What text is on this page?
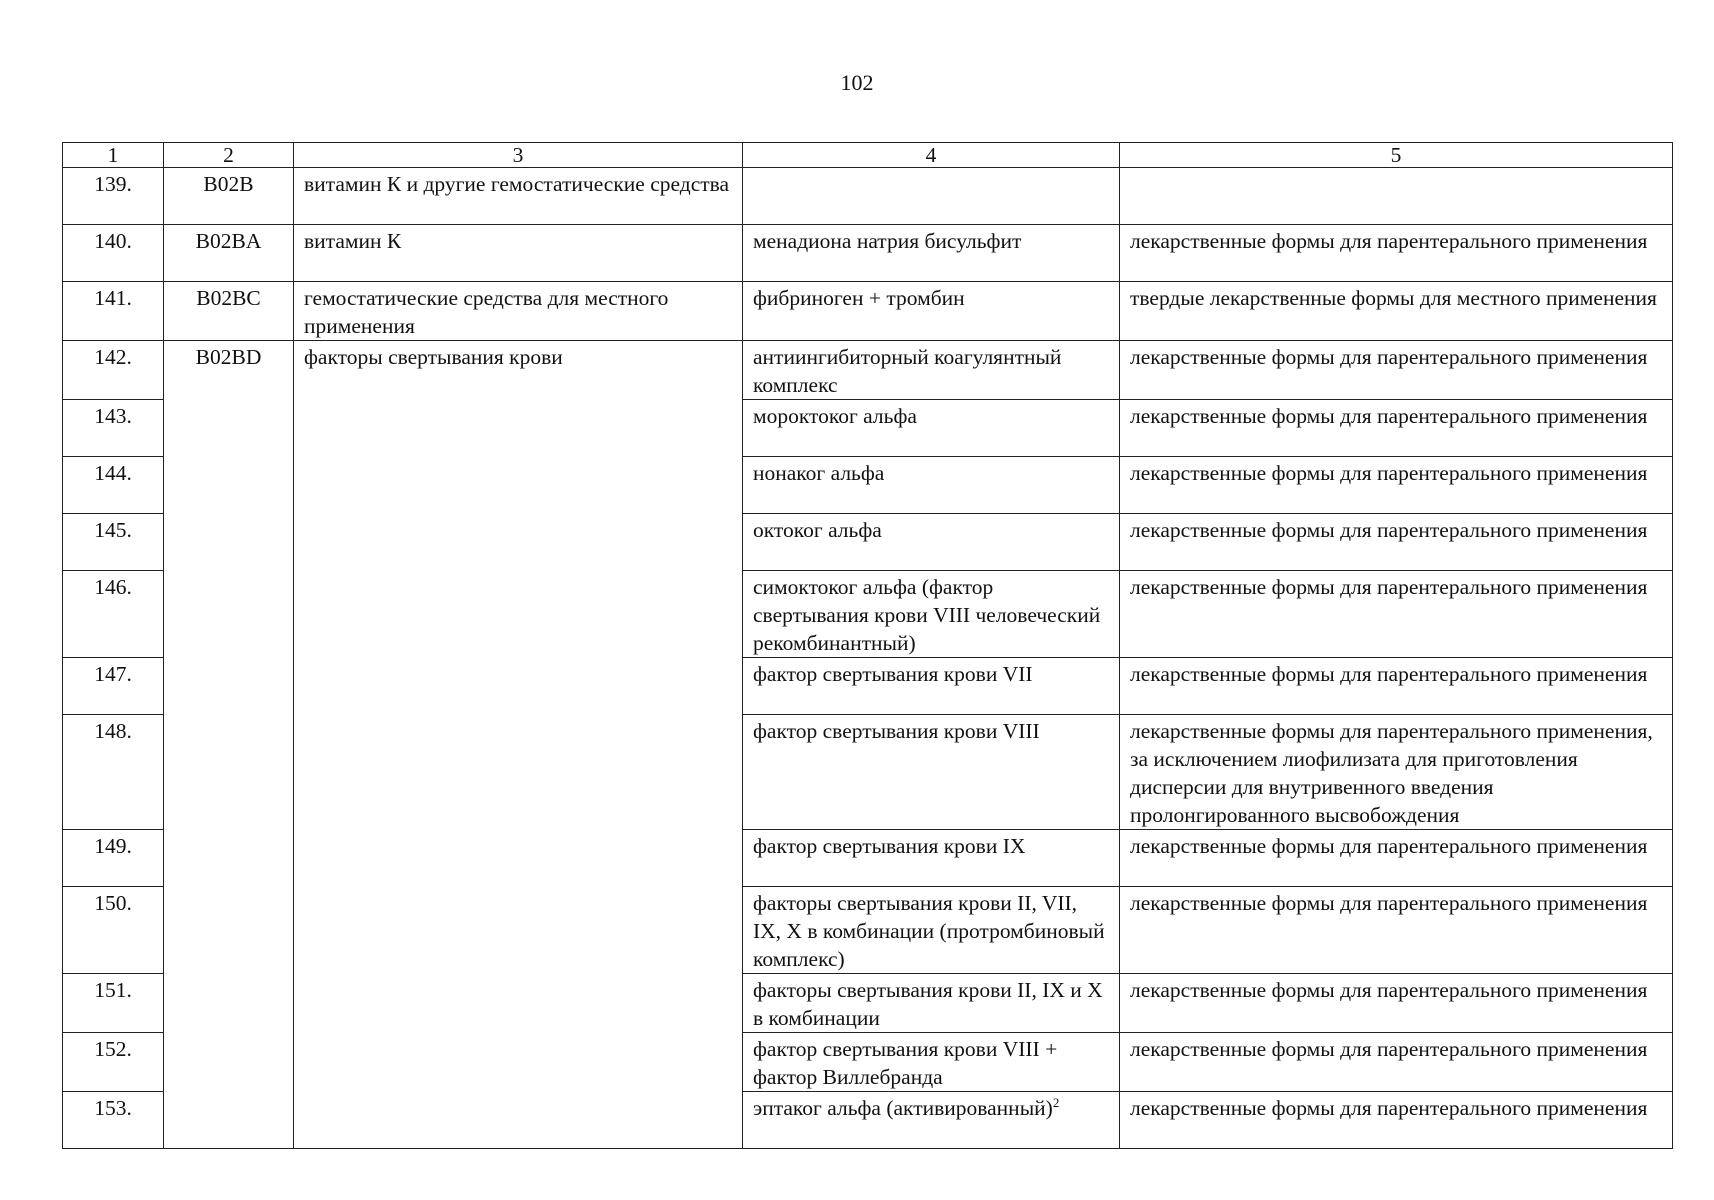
102
1	2	3	4	5
139.	B02B	витамин К и другие гемостатические средства		
140.	B02BA	витамин К	менадиона натрия бисульфит	лекарственные формы для парентерального применения
141.	B02BC	гемостатические средства для местного применения	фибриноген + тромбин	твердые лекарственные формы для местного применения
142.	B02BD	факторы свертывания крови	антиингибиторный коагулянтный комплекс	лекарственные формы для парентерального применения
143.			мороктоког альфа	лекарственные формы для парентерального применения
144.			нонаког альфа	лекарственные формы для парентерального применения
145.			октоког альфа	лекарственные формы для парентерального применения
146.			симоктоког альфа (фактор свертывания крови VIII человеческий рекомбинантный)	лекарственные формы для парентерального применения
147.			фактор свертывания крови VII	лекарственные формы для парентерального применения
148.			фактор свертывания крови VIII	лекарственные формы для парентерального применения, за исключением лиофилизата для приготовления дисперсии для внутривенного введения пролонгированного высвобождения
149.			фактор свертывания крови IX	лекарственные формы для парентерального применения
150.			факторы свертывания крови II, VII, IX, X в комбинации (протромбиновый комплекс)	лекарственные формы для парентерального применения
151.			факторы свертывания крови II, IX и X в комбинации	лекарственные формы для парентерального применения
152.			фактор свертывания крови VIII + фактор Виллебранда	лекарственные формы для парентерального применения
153.			эптаког альфа (активированный)$^2$	лекарственные формы для парентерального применения
